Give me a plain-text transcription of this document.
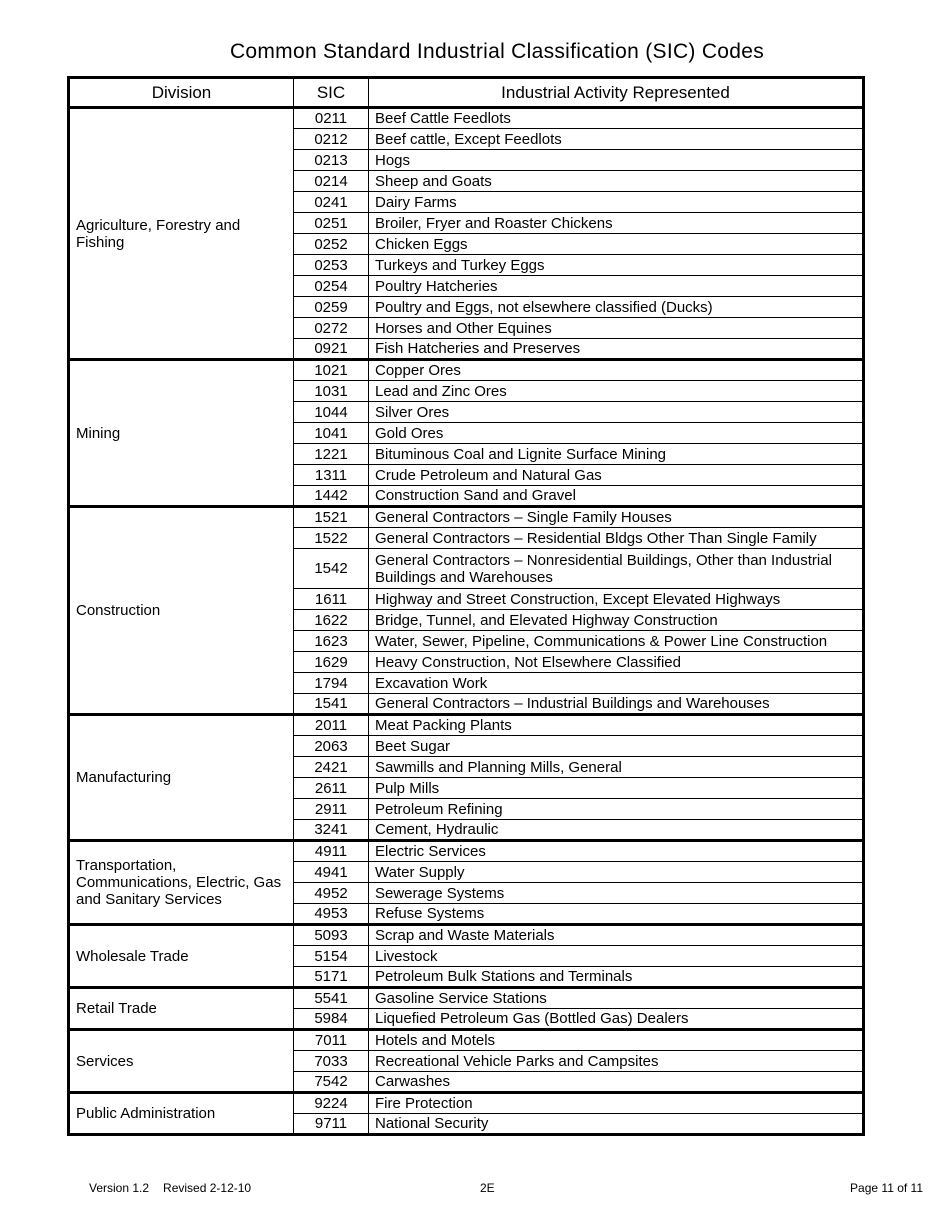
Common Standard Industrial Classification (SIC) Codes
Division	SIC	Industrial Activity Represented
Agriculture, Forestry and Fishing	0211	Beef Cattle Feedlots
	0212	Beef cattle, Except Feedlots
	0213	Hogs
	0214	Sheep and Goats
	0241	Dairy Farms
	0251	Broiler, Fryer and Roaster Chickens
	0252	Chicken Eggs
	0253	Turkeys and Turkey Eggs
	0254	Poultry Hatcheries
	0259	Poultry and Eggs, not elsewhere classified (Ducks)
	0272	Horses and Other Equines
	0921	Fish Hatcheries and Preserves
Mining	1021	Copper Ores
	1031	Lead and Zinc Ores
	1044	Silver Ores
	1041	Gold Ores
	1221	Bituminous Coal and Lignite Surface Mining
	1311	Crude Petroleum and Natural Gas
	1442	Construction Sand and Gravel
Construction	1521	General Contractors – Single Family Houses
	1522	General Contractors – Residential Bldgs Other Than Single Family
	1542	General Contractors – Nonresidential Buildings, Other than Industrial Buildings and Warehouses
	1611	Highway and Street Construction, Except Elevated Highways
	1622	Bridge, Tunnel, and Elevated Highway Construction
	1623	Water, Sewer, Pipeline, Communications & Power Line Construction
	1629	Heavy Construction, Not Elsewhere Classified
	1794	Excavation Work
	1541	General Contractors – Industrial Buildings and Warehouses
Manufacturing	2011	Meat Packing Plants
	2063	Beet Sugar
	2421	Sawmills and Planning Mills, General
	2611	Pulp Mills
	2911	Petroleum Refining
	3241	Cement, Hydraulic
Transportation, Communications, Electric, Gas and Sanitary Services	4911	Electric Services
	4941	Water Supply
	4952	Sewerage Systems
	4953	Refuse Systems
Wholesale Trade	5093	Scrap and Waste Materials
	5154	Livestock
	5171	Petroleum Bulk Stations and Terminals
Retail Trade	5541	Gasoline Service Stations
	5984	Liquefied Petroleum Gas (Bottled Gas) Dealers
Services	7011	Hotels and Motels
	7033	Recreational Vehicle Parks and Campsites
	7542	Carwashes
Public Administration	9224	Fire Protection
	9711	National Security
Version 1.2 Revised 2-12-10	2E	Page 11 of 11
